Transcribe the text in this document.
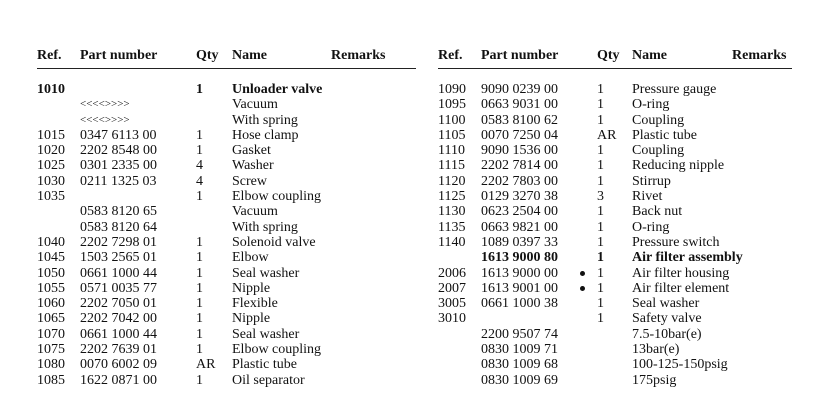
Ref. Part number	Qty Name	Remarks
1010	1 Unloader valve
<<<<>>>>	Vacuum
<<<<>>>>	With spring
1015 0347 6113 00	1 Hose clamp
1020 2202 8548 00	1 Gasket
1025 0301 2335 00	4 Washer
1030 0211 1325 03	4 Screw
1035	1 Elbow coupling
0583 8120 65	Vacuum
0583 8120 64	With spring
1040 2202 7298 01	1 Solenoid valve
1045 1503 2565 01	1 Elbow
1050 0661 1000 44	1 Seal washer
1055 0571 0035 77	1 Nipple
1060 2202 7050 01	1 Flexible
1065 2202 7042 00	1 Nipple
1070 0661 1000 44	1 Seal washer
1075 2202 7639 01	1 Elbow coupling
1080 0070 6002 09	AR Plastic tube
1085 1622 0871 00	1 Oil separator
Ref. Part number	Qty Name	Remarks
1090 9090 0239 00	1 Pressure gauge
1095 0663 9031 00	1 O-ring
1100 0583 8100 62	1 Coupling
1105 0070 7250 04	AR Plastic tube
1110 9090 1536 00	1 Coupling
1115 2202 7814 00	1 Reducing nipple
1120 2202 7803 00	1 Stirrup
1125 0129 3270 38	3 Rivet
1130 0623 2504 00	1 Back nut
1135 0663 9821 00	1 O-ring
1140 1089 0397 33	1 Pressure switch
1613 9000 80	1 Air filter assembly
2006 1613 9000 00	1 Air filter housing
2007 1613 9001 00	1 Air filter element
3005 0661 1000 38	1 Seal washer
3010	1 Safety valve
2200 9507 74	7.5-10bar(e)
0830 1009 71	13bar(e)
0830 1009 68	100-125-150psig
0830 1009 69	175psig
